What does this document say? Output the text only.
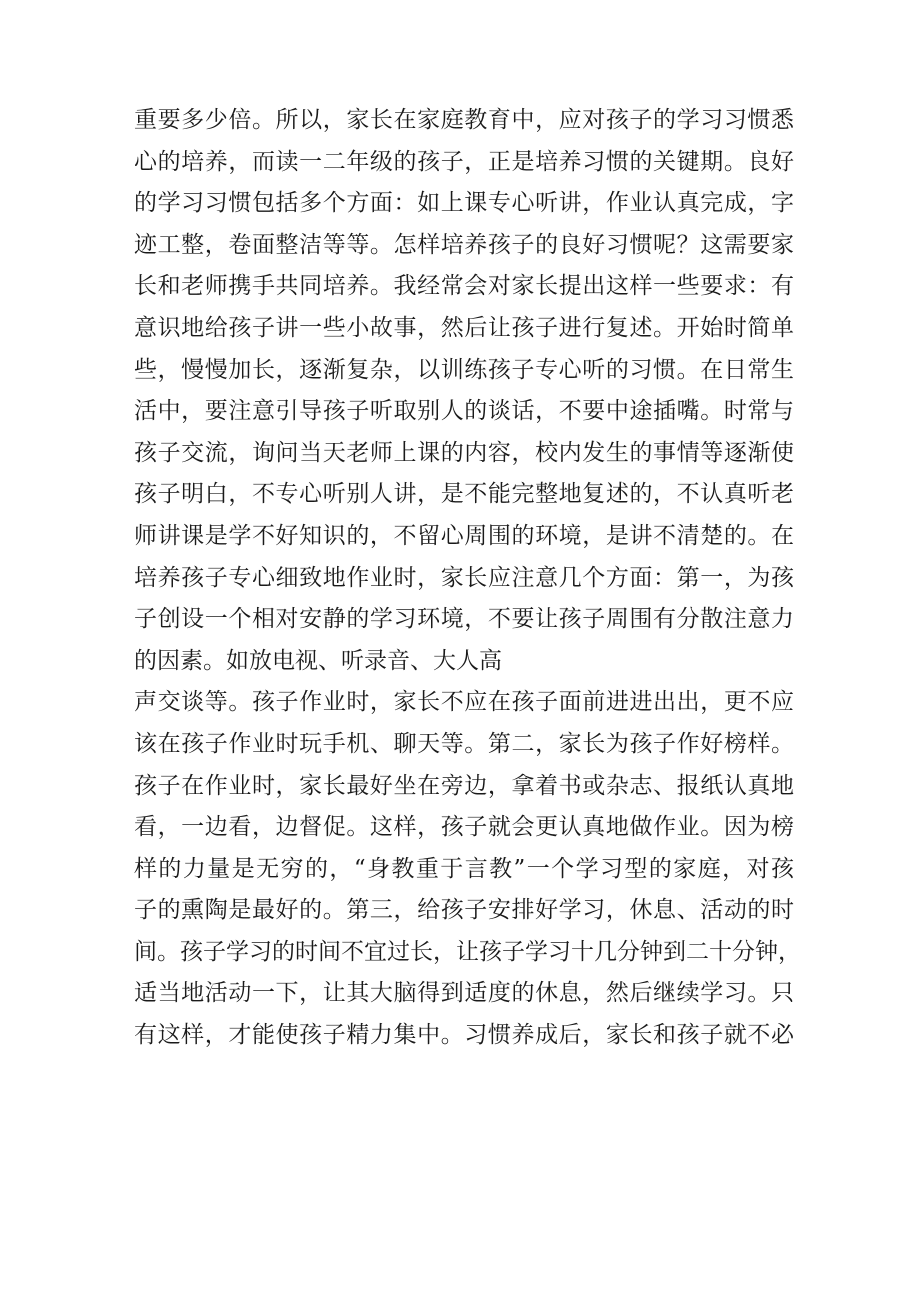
重要多少倍。所以，家长在家庭教育中，应对孩子的学习习惯悉
心的培养，而读一二年级的孩子，正是培养习惯的关键期。良好
的学习习惯包括多个方面：如上课专心听讲，作业认真完成，字
迹工整，卷面整洁等等。怎样培养孩子的良好习惯呢？这需要家
长和老师携手共同培养。我经常会对家长提出这样一些要求：有
意识地给孩子讲一些小故事，然后让孩子进行复述。开始时简单
些，慢慢加长，逐渐复杂，以训练孩子专心听的习惯。在日常生
活中，要注意引导孩子听取别人的谈话，不要中途插嘴。时常与
孩子交流，询问当天老师上课的内容，校内发生的事情等逐渐使
孩子明白，不专心听别人讲，是不能完整地复述的，不认真听老
师讲课是学不好知识的，不留心周围的环境，是讲不清楚的。在
培养孩子专心细致地作业时，家长应注意几个方面：第一，为孩
子创设一个相对安静的学习环境，不要让孩子周围有分散注意力
的因素。如放电视、听录音、大人高
声交谈等。孩子作业时，家长不应在孩子面前进进出出，更不应
该在孩子作业时玩手机、聊天等。第二，家长为孩子作好榜样。
孩子在作业时，家长最好坐在旁边，拿着书或杂志、报纸认真地
看，一边看，边督促。这样，孩子就会更认真地做作业。因为榜
样的力量是无穷的，“身教重于言教”一个学习型的家庭，对孩
子的熏陶是最好的。第三，给孩子安排好学习，休息、活动的时
间。孩子学习的时间不宜过长，让孩子学习十几分钟到二十分钟，
适当地活动一下，让其大脑得到适度的休息，然后继续学习。只
有这样，才能使孩子精力集中。习惯养成后，家长和孩子就不必
